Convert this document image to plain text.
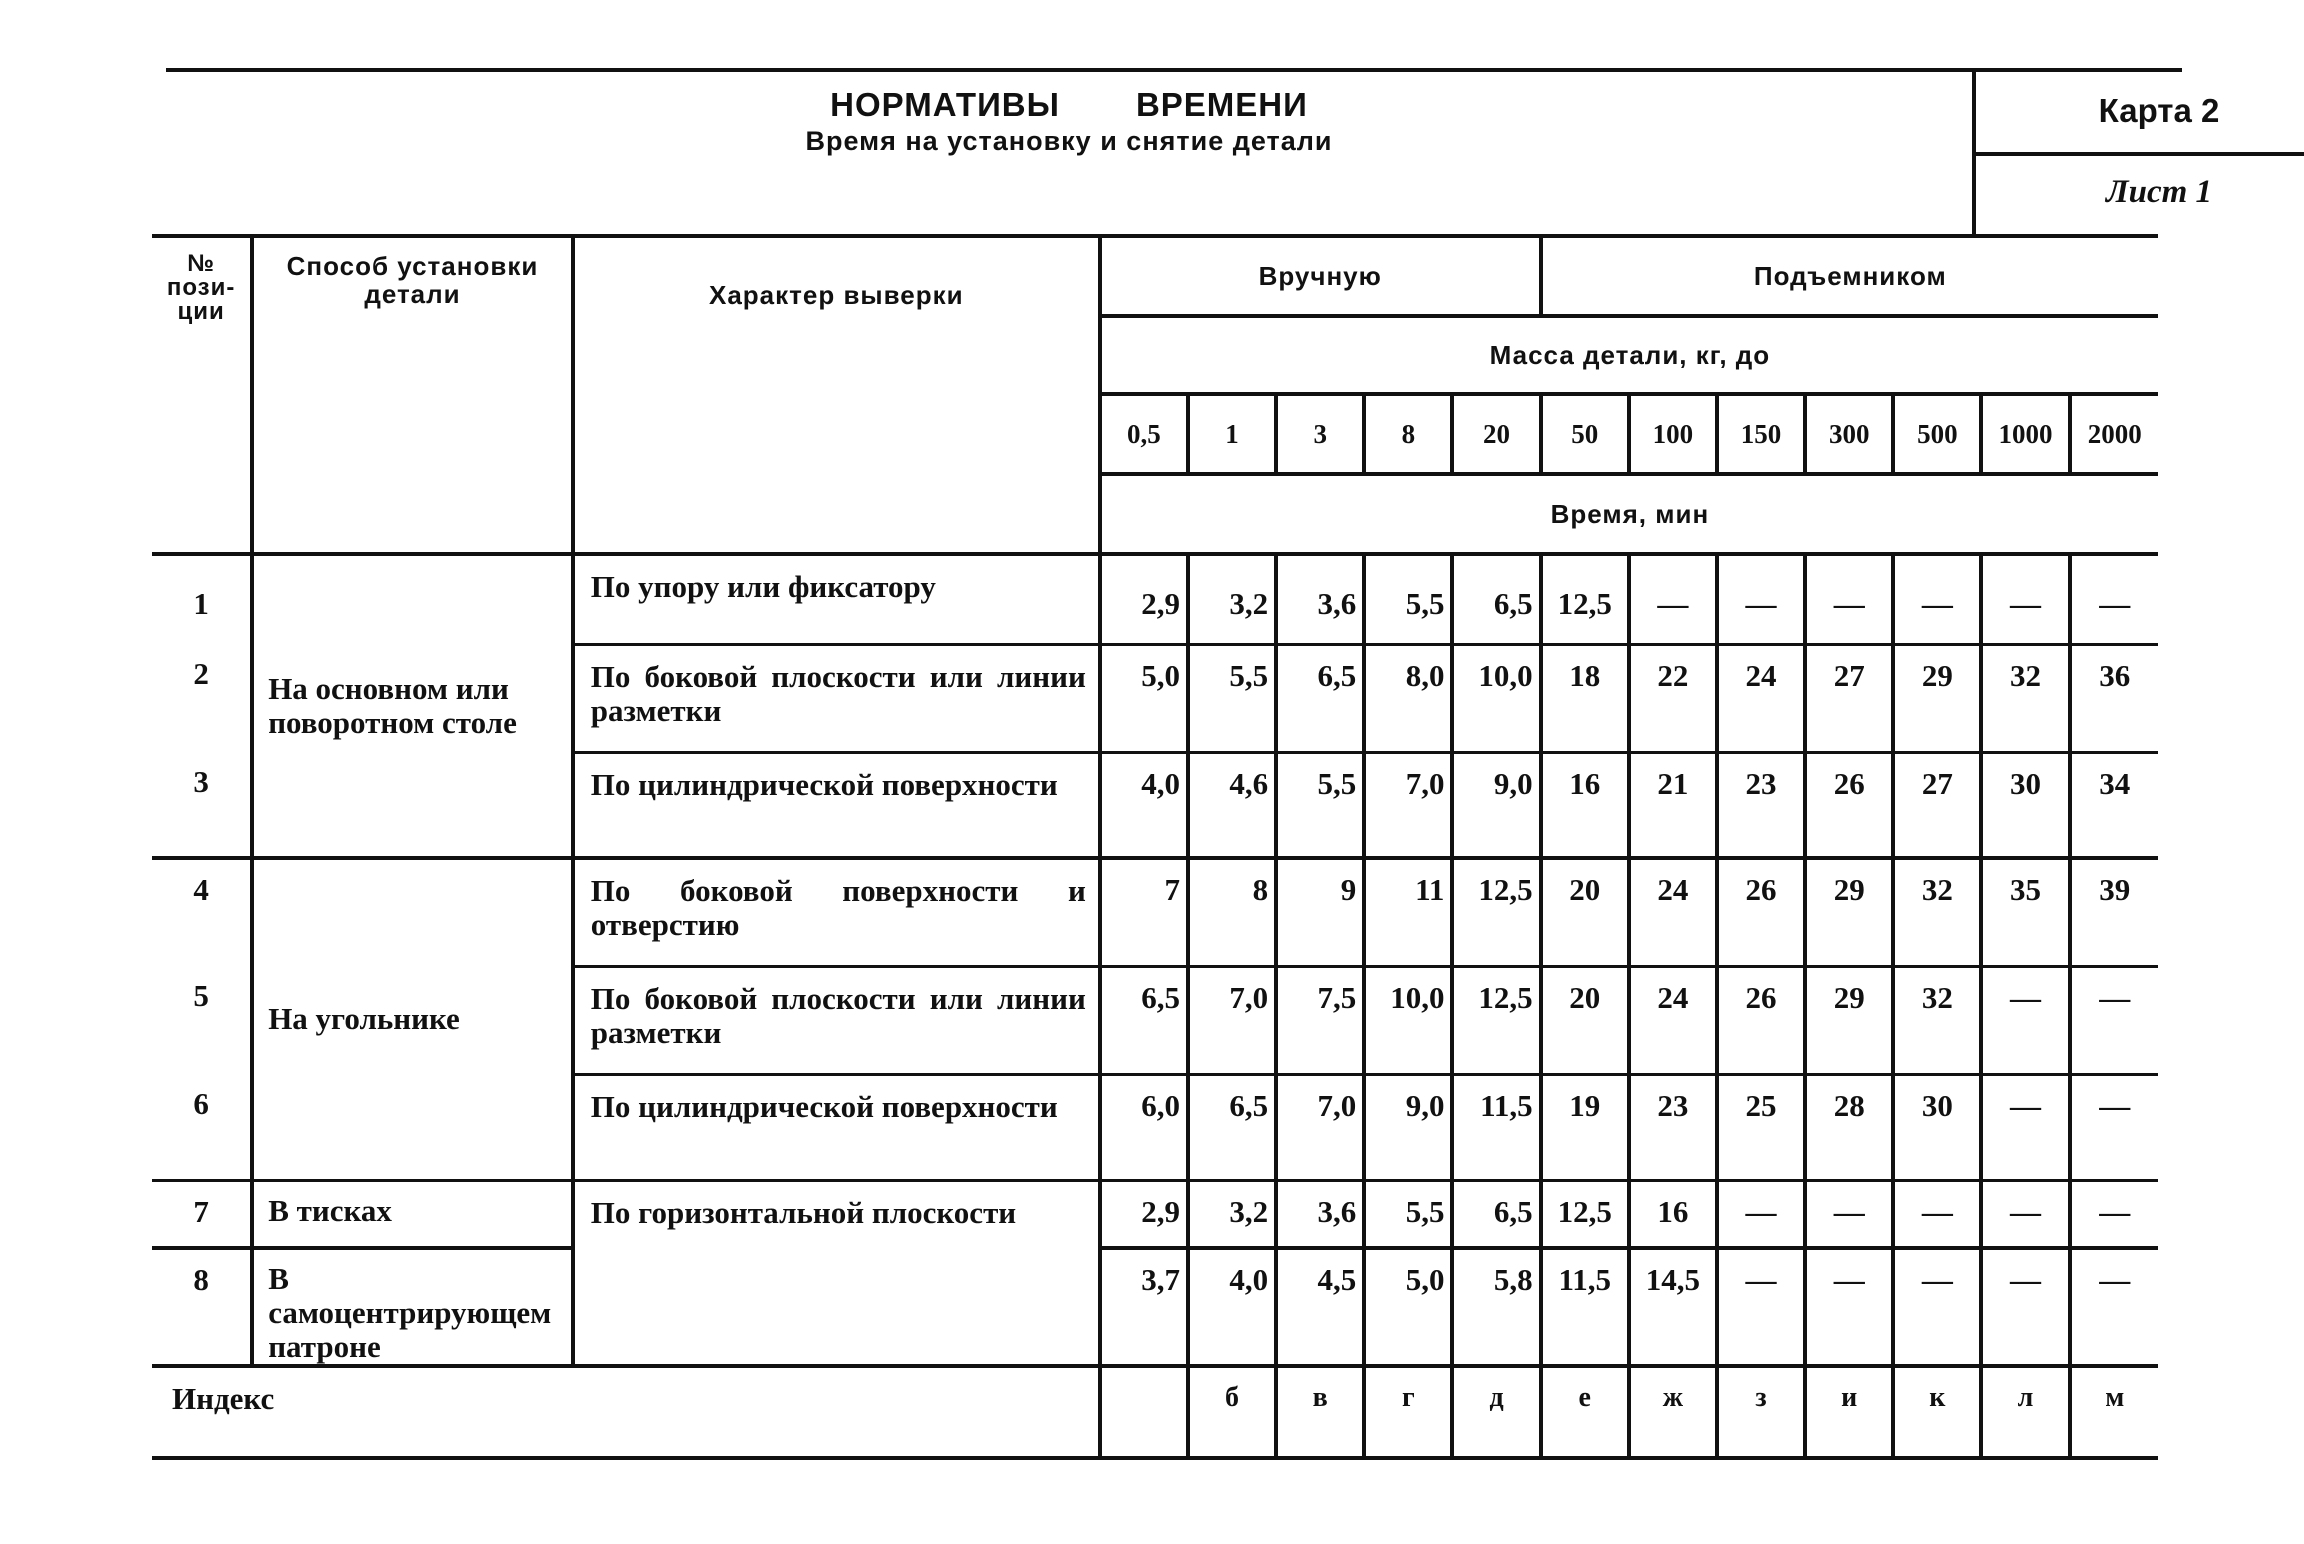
НОРМАТИВЫ ВРЕМЕНИ
Время на установку и снятие детали
Карта 2
Лист 1
№ пози-ции	Способ установки детали	Характер выверки	Вручную					Подъемником						
			Масса детали, кг, до											
			0,5	1	3	8	20	50	100	150	300	500	1000	2000
			Время, мин											
1	На основном или поворотном столе	По упору или фиксатору	2,9	3,2	3,6	5,5	6,5	12,5	—	—	—	—	—	—
2		По боковой плоскости или линии разметки	5,0	5,5	6,5	8,0	10,0	18	22	24	27	29	32	36
3		По цилиндрической поверхности	4,0	4,6	5,5	7,0	9,0	16	21	23	26	27	30	34
4	На угольнике	По боковой поверхности и отверстию	7	8	9	11	12,5	20	24	26	29	32	35	39
5		По боковой плоскости или линии разметки	6,5	7,0	7,5	10,0	12,5	20	24	26	29	32	—	—
6		По цилиндрической поверхности	6,0	6,5	7,0	9,0	11,5	19	23	25	28	30	—	—
7	В тисках	По горизонтальной плоскости	2,9	3,2	3,6	5,5	6,5	12,5	16	—	—	—	—	—
8	В самоцентрирующем патроне		3,7	4,0	4,5	5,0	5,8	11,5	14,5	—	—	—	—	—
Индекс				б	в	г	д	е	ж	з	и	к	л	м
